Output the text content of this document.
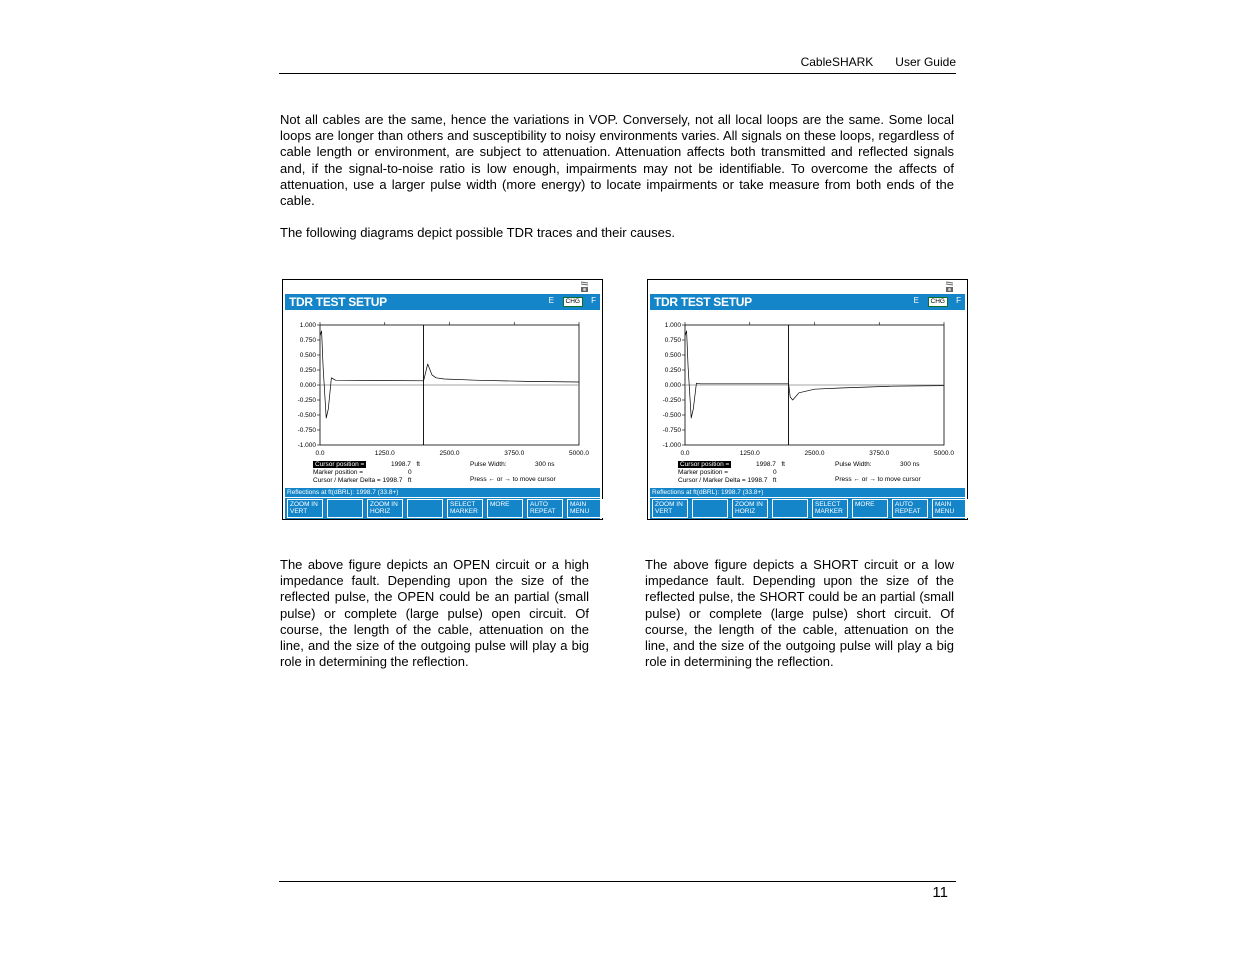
CableSHARK User Guide

Not all cables are the same, hence the variations in VOP. Conversely, not all local loops are the same. Some local loops are longer than others and susceptibility to noisy environments varies. All signals on these loops, regardless of cable length or environment, are subject to attenuation. Attenuation affects both transmitted and reflected signals and, if the signal-to-noise ratio is low enough, impairments may not be identifiable. To overcome the affects of attenuation, use a larger pulse width (more energy) to locate impairments or take measure from both ends of the cable.

The following diagrams depict possible TDR traces and their causes.

TDR TEST SETUP	E	CHG	F
1.000
0.750
0.500
0.250
0.000
-0.250
-0.500
-0.750
-1.000
0.0	1250.0	2500.0	3750.0	5000.0
Cursor position =	1998.7 ft
Marker position =	0
Cursor / Marker Delta = 1998.7 ft
Pulse Width:	300 ns
Press ← or → to move cursor
Reflections at ft(dBRL): 1998.7 (33.8+)
ZOOM IN
VERT
ZOOM IN
HORIZ
SELECT
MARKER
MORE	AUTO
REPEAT
MAIN
MENU
TDR TEST SETUP	E	CHG	F
1.000
0.750
0.500
0.250
0.000
-0.250
-0.500
-0.750
-1.000
0.0	1250.0	2500.0	3750.0	5000.0
Cursor position =	1998.7 ft
Marker position =	0
Cursor / Marker Delta = 1998.7 ft
Pulse Width:	300 ns
Press ← or → to move cursor
Reflections at ft(dBRL): 1998.7 (33.8+)
ZOOM IN
VERT
ZOOM IN
HORIZ
SELECT
MARKER
MORE	AUTO
REPEAT
MAIN
MENU

The above figure depicts an OPEN circuit or a high impedance fault. Depending upon the size of the reflected pulse, the OPEN could be an partial (small pulse) or complete (large pulse) open circuit. Of course, the length of the cable, attenuation on the line, and the size of the outgoing pulse will play a big role in determining the reflection.

The above figure depicts a SHORT circuit or a low impedance fault. Depending upon the size of the reflected pulse, the SHORT could be an partial (small pulse) or complete (large pulse) short circuit. Of course, the length of the cable, attenuation on the line, and the size of the outgoing pulse will play a big role in determining the reflection.

11
